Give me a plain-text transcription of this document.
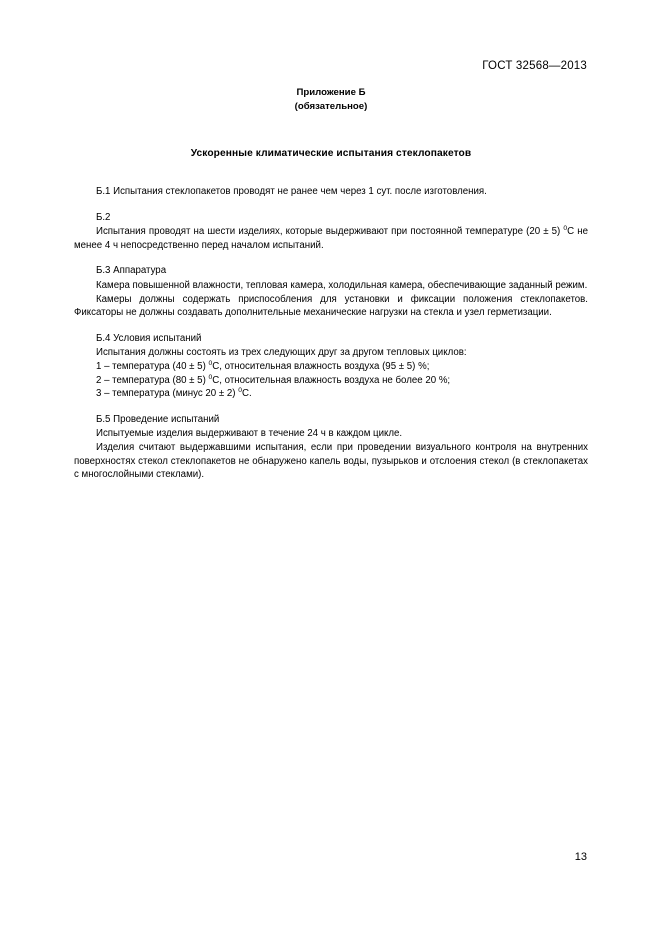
ГОСТ 32568—2013
Приложение Б
(обязательное)
Ускоренные климатические испытания стеклопакетов

Б.1 Испытания стеклопакетов проводят не ранее чем через 1 сут. после изготовления.

Б.2

Испытания проводят на шести изделиях, которые выдерживают при постоянной температуре (20 ± 5) $^0$С не менее 4 ч непосредственно перед началом испытаний.

Б.3 Аппаратура

Камера повышенной влажности, тепловая камера, холодильная камера, обеспечивающие заданный режим.

Камеры должны содержать приспособления для установки и фиксации положения стеклопакетов. Фиксаторы не должны создавать дополнительные механические нагрузки на стекла и узел герметизации.

Б.4 Условия испытаний

Испытания должны состоять из трех следующих друг за другом тепловых циклов:

1 – температура (40 ± 5) $^0$С, относительная влажность воздуха (95 ± 5) %;

2 – температура (80 ± 5) $^0$С, относительная влажность воздуха не более 20 %;

3 – температура (минус 20 ± 2) $^0$С.

Б.5 Проведение испытаний

Испытуемые изделия выдерживают в течение 24 ч в каждом цикле.

Изделия считают выдержавшими испытания, если при проведении визуального контроля на внутренних поверхностях стекол стеклопакетов не обнаружено капель воды, пузырьков и отслоения стекол (в стеклопакетах с многослойными стеклами).

13
